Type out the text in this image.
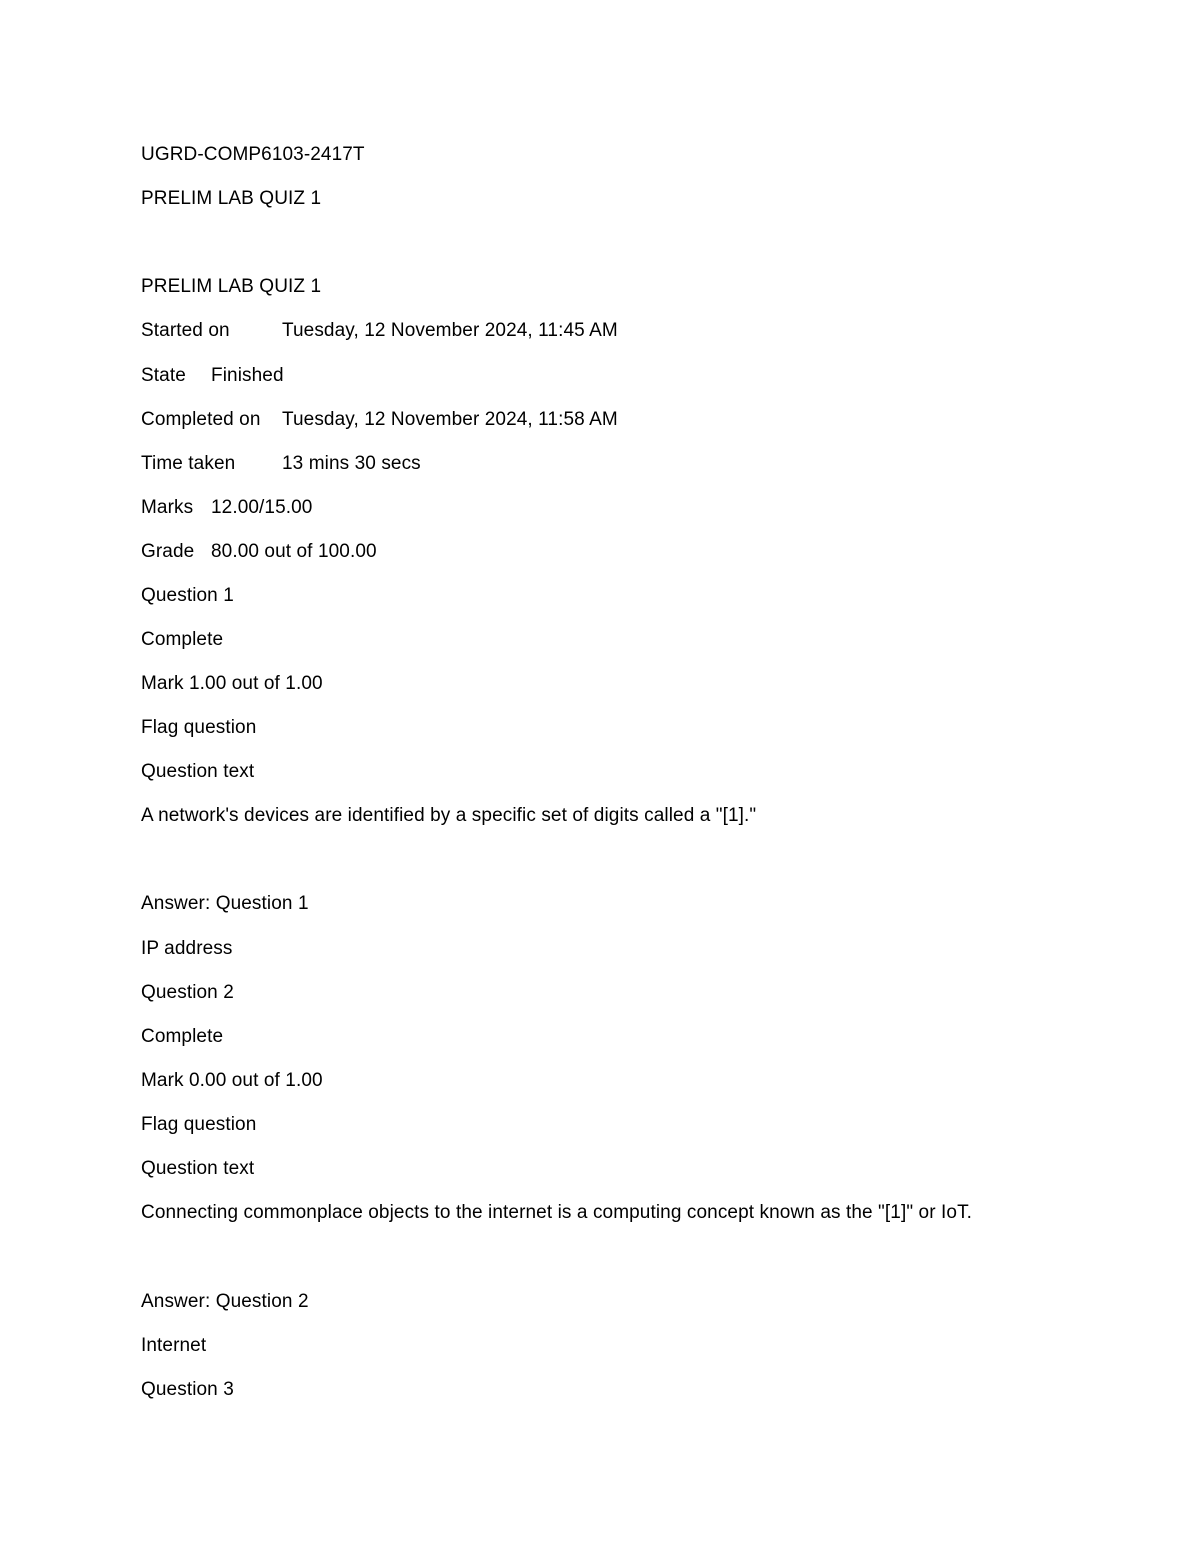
UGRD-COMP6103-2417T
PRELIM LAB QUIZ 1
PRELIM LAB QUIZ 1
Started on	Tuesday, 12 November 2024, 11:45 AM
State Finished
Completed on Tuesday, 12 November 2024, 11:58 AM
Time taken 13 mins 30 secs
Marks 12.00/15.00
Grade 80.00 out of 100.00
Question 1
Complete
Mark 1.00 out of 1.00
Flag question
Question text
A network's devices are identified by a specific set of digits called a "[1]."
Answer: Question 1
IP address
Question 2
Complete
Mark 0.00 out of 1.00
Flag question
Question text
Connecting commonplace objects to the internet is a computing concept known as the "[1]" or IoT.
Answer: Question 2
Internet
Question 3
